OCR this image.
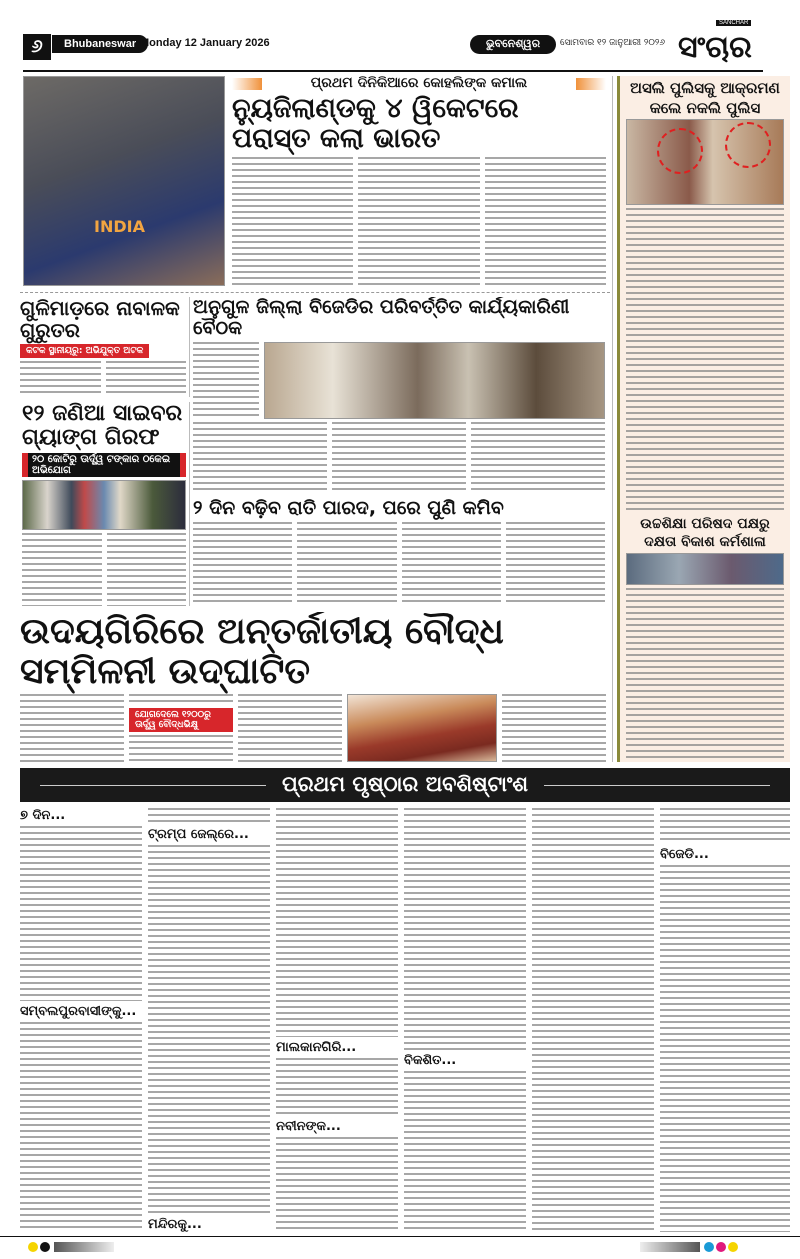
୬	Bhubaneswar Monday 12 January 2026	ଭୁବନେଶ୍ୱର	ସୋମବାର ୧୨ ଜାନୁଆରୀ ୨୦୨୬ ସଂଚାର
SANCHAR
INDIA
ପ୍ରଥମ ଦିନିକିଆରେ କୋହଲିଙ୍କ କମାଲ
ନ୍ୟୁଜିଲାଣ୍ଡକୁ ୪ ୱିକେଟରେ ପରାସ୍ତ କଲା ଭାରତ
ଅସଲି ପୁଲିସକୁ ଆକ୍ରମଣ
କଲେ ନକଲି ପୁଲିସ
ଉଚ୍ଚଶିକ୍ଷା ପରିଷଦ ପକ୍ଷରୁ
ଦକ୍ଷତା ବିକାଶ କର୍ମଶାଳା
ଗୁଳିମାଡ଼ରେ ନାବାଳକ ଗୁରୁତର
କଟକ ସ୍ଥାନୀୟରୁ: ଅଭିଯୁକ୍ତ ଅଟକ
ଅନୁଗୁଳ ଜିଲ୍ଲା ବିଜେଡିର ପରିବର୍ତ୍ତିତ କାର୍ଯ୍ୟକାରିଣୀ ବୈଠକ
୧୨ ଜଣିଆ ସାଇବର ଗ୍ୟାଙ୍ଗ ଗିରଫ
୨୦ କୋଟିରୁ ଊର୍ଦ୍ଧ୍ୱ ଟଙ୍କାର ଠକେଇ ଅଭିଯୋଗ
୨ ଦିନ ବଢ଼ିବ ରାତି ପାରଦ, ପରେ ପୁଣି କମିବ
ଉଦୟଗିରିରେ ଅନ୍ତର୍ଜାତୀୟ ବୌଦ୍ଧ ସମ୍ମିଳନୀ ଉଦ୍‌ଘାଟିତ
ଯୋଗଦେଲେ ୧୨୦୦ରୁ ଊର୍ଦ୍ଧ୍ୱ ବୌଦ୍ଧଭିକ୍ଷୁ
ପ୍ରଥମ ପୃଷ୍ଠାର ଅବଶିଷ୍ଟାଂଶ
୭ ଦିନ...
ସମ୍ବଲପୁରବାସୀଙ୍କୁ...
ଟ୍ରମ୍ପ ଜେଲ୍‌ରେ...
ମନ୍ଦିରକୁ...
ମାଲକାନଗିରି...
ନବୀନଙ୍କ...
ବିକଶିତ...
ବିଜେଡି...
